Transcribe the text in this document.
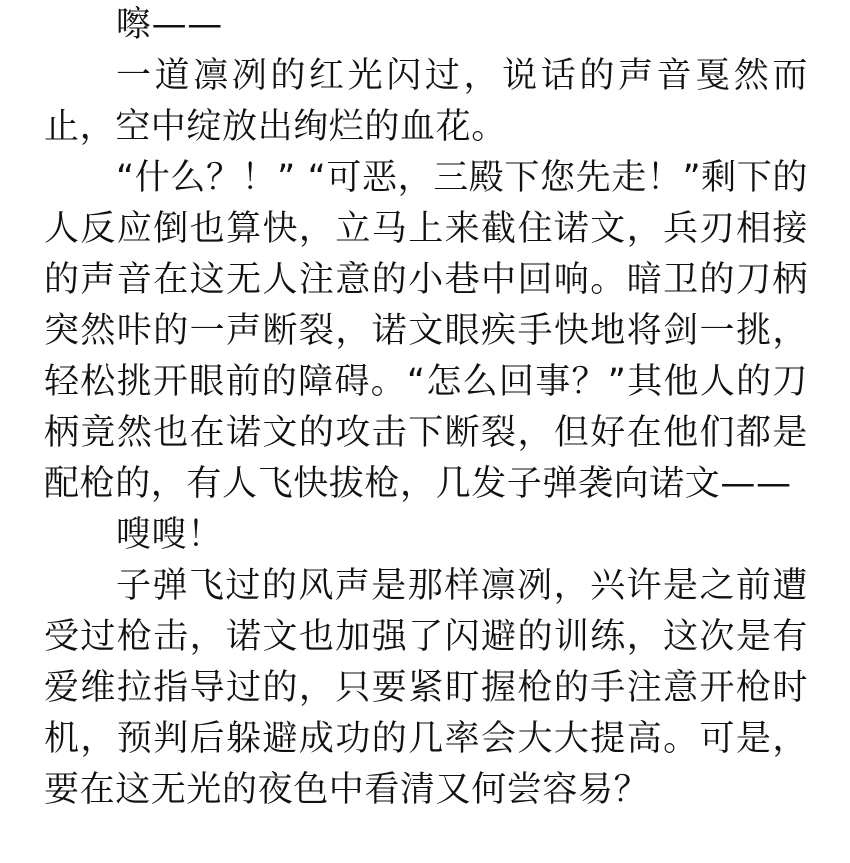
嚓——

一道凛冽的红光闪过，说话的声音戛然而止，空中绽放出绚烂的血花。

“什么？！” “可恶，三殿下您先走！”剩下的人反应倒也算快，立马上来截住诺文，兵刃相接的声音在这无人注意的小巷中回响。暗卫的刀柄突然咔的一声断裂，诺文眼疾手快地将剑一挑，轻松挑开眼前的障碍。“怎么回事？”其他人的刀柄竟然也在诺文的攻击下断裂，但好在他们都是配枪的，有人飞快拔枪，几发子弹袭向诺文——

嗖嗖！

子弹飞过的风声是那样凛冽，兴许是之前遭受过枪击，诺文也加强了闪避的训练，这次是有爱维拉指导过的，只要紧盯握枪的手注意开枪时机，预判后躲避成功的几率会大大提高。可是，要在这无光的夜色中看清又何尝容易？
